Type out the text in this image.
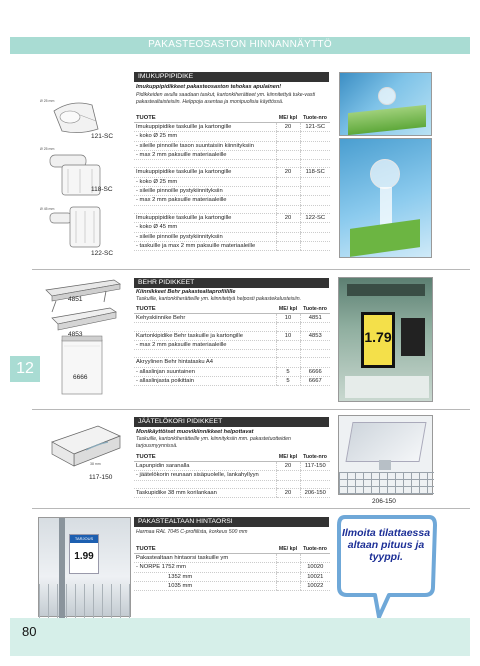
PAKASTEOSASTON HINNANNÄYTTÖ
12
IMUKUPPIPIDIKE
Imukuppipidikkeet pakasteosaston tehokas apulainen!
Pidikkeiden avulla saadaan taskut, kartonkiherätteet ym. kiinnitettyä tuke-vasti pakastealtaisteisiin. Helppoja asentaa ja monipuolisia käyttössä.
TUOTE	ME/ kpl	Tuote-nro
Imukuppipidike taskuille ja kartongille	20	121-SC
- koko Ø 25 mm		
- sileille pinnoille tason suuntaisiin kiinnityksiin		
- max 2 mm paksuille materiaaleille		

Imukuppipidike taskuille ja kartongille	20	118-SC
- koko Ø 25 mm		
- sileille pinnoille pystykiinnityksiin		
- max 2 mm paksuille materiaaleille		

Imukuppipidike taskuille ja kartongille	20	122-SC
- koko Ø 45 mm		
- sileille pinnoille pystykiinnityksiin		
- taskuille ja max 2 mm paksuille materiaaleille		
Ø 25 mm
Ø 25 mm
Ø 45 mm
121-SC
118-SC
122-SC
BEHR PIDIKKEET
Kiinnikkeet Behr pakastealtaprofiilille
Taskuille, kartonkiherätteille ym. kiinnitettyä helposti pakastekalusteisiin.
TUOTE	ME/ kpl	Tuote-nro
Kehyskiinnike Behr	10	4851

Kartonkipidike Behr taskuille ja kartongille	10	4853
- max 2 mm paksuille materiaaleille		

Akryylinen Behr hintatasku A4		
- allaslinjan suuntainen	5	6666
- allaslinjasta poikittain	5	6667
4851
4853
6666
1.79
JÄÄTELÖKORI PIDIKKEET
Monikäyttöiset muovikiinnikkeet helpottavat
Taskuille, kartonkiherätteille ym. kiinnityksiin mm. pakastetuotteiden tarjousmyynnissä.
TUOTE	ME/ kpl	Tuote-nro
Lapunpidin saranalla	20	117-150
- jäätelökorin reunaan sisäpuolelle, lankahyllyyn		

Taskupidike 38 mm korilankaan	20	206-150
38 mm
117-150
206-150
PAKASTEALTAAN HINTAORSI
Harmaa RAL 7045 C-profiilista, korkeus 500 mm
TUOTE	ME/ kpl	Tuote-nro
Pakastealtaan hintaorsi taskuille ym		
- NORPE 1752 mm		10020
1352 mm		10021
1035 mm		10022
TARJOUS
1.99
Ilmoita tilattaessa altaan pituus ja tyyppi.
80
